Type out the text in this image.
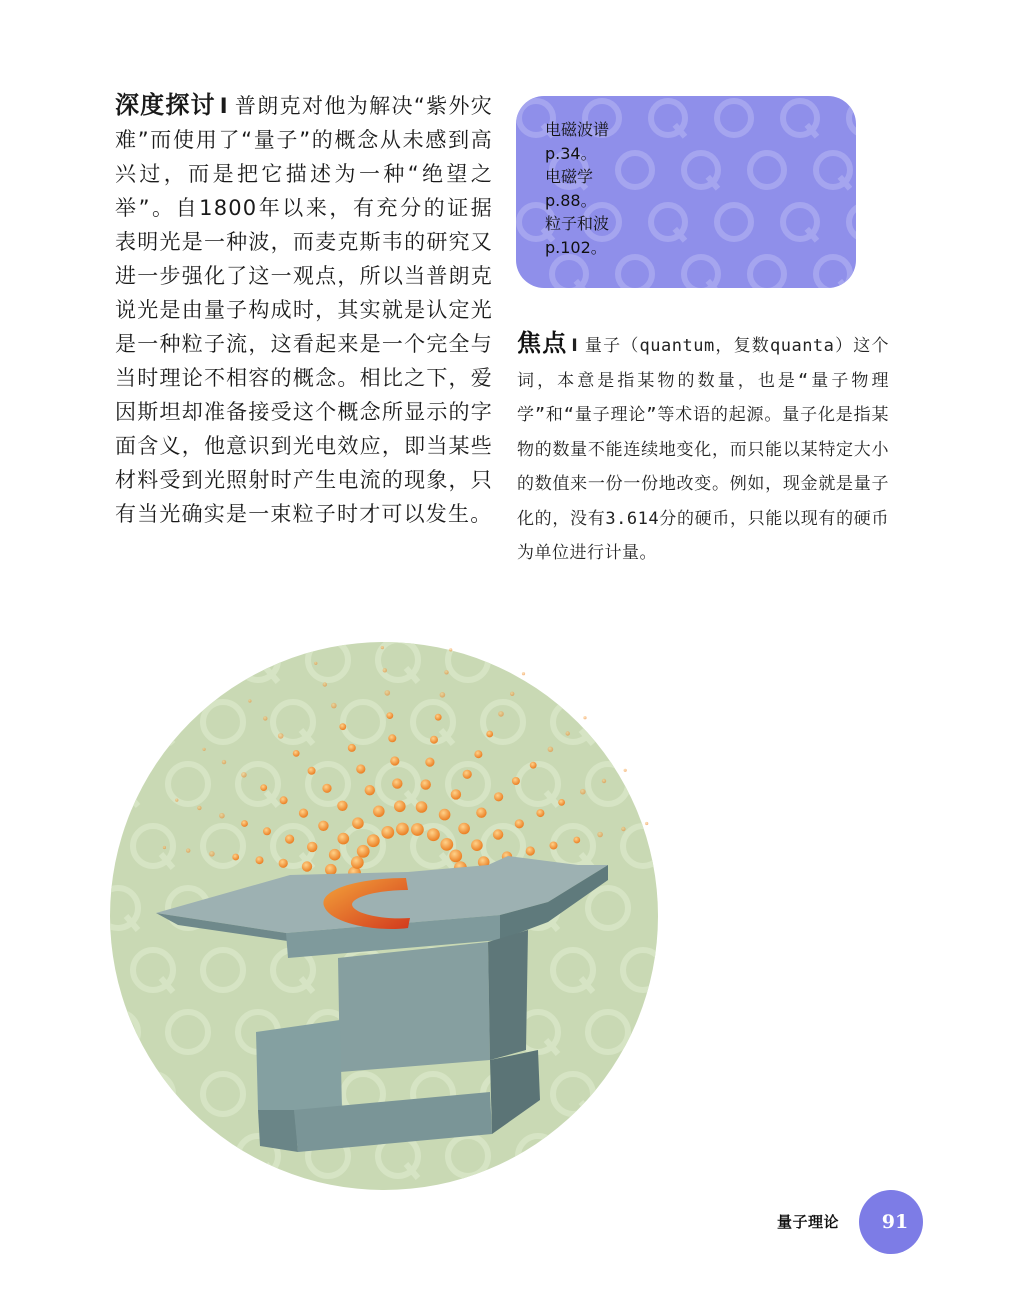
深度探讨 I 普朗克对他为解决“紫外灾难”而使用了“量子”的概念从未感到高兴过，而是把它描述为一种“绝望之举”。自1800年以来，有充分的证据表明光是一种波，而麦克斯韦的研究又进一步强化了这一观点，所以当普朗克说光是由量子构成时，其实就是认定光是一种粒子流，这看起来是一个完全与当时理论不相容的概念。相比之下，爱因斯坦却准备接受这个概念所显示的字面含义，他意识到光电效应，即当某些材料受到光照射时产生电流的现象，只有当光确实是一束粒子时才可以发生。
电磁波谱
p.34。
电磁学
p.88。
粒子和波
p.102。
焦点 I 量子（quantum，复数quanta）这个词，本意是指某物的数量，也是“量子物理学”和“量子理论”等术语的起源。量子化是指某物的数量不能连续地变化，而只能以某特定大小的数值来一份一份地改变。例如，现金就是量子化的，没有3.614分的硬币，只能以现有的硬币为单位进行计量。
量子理论	91
